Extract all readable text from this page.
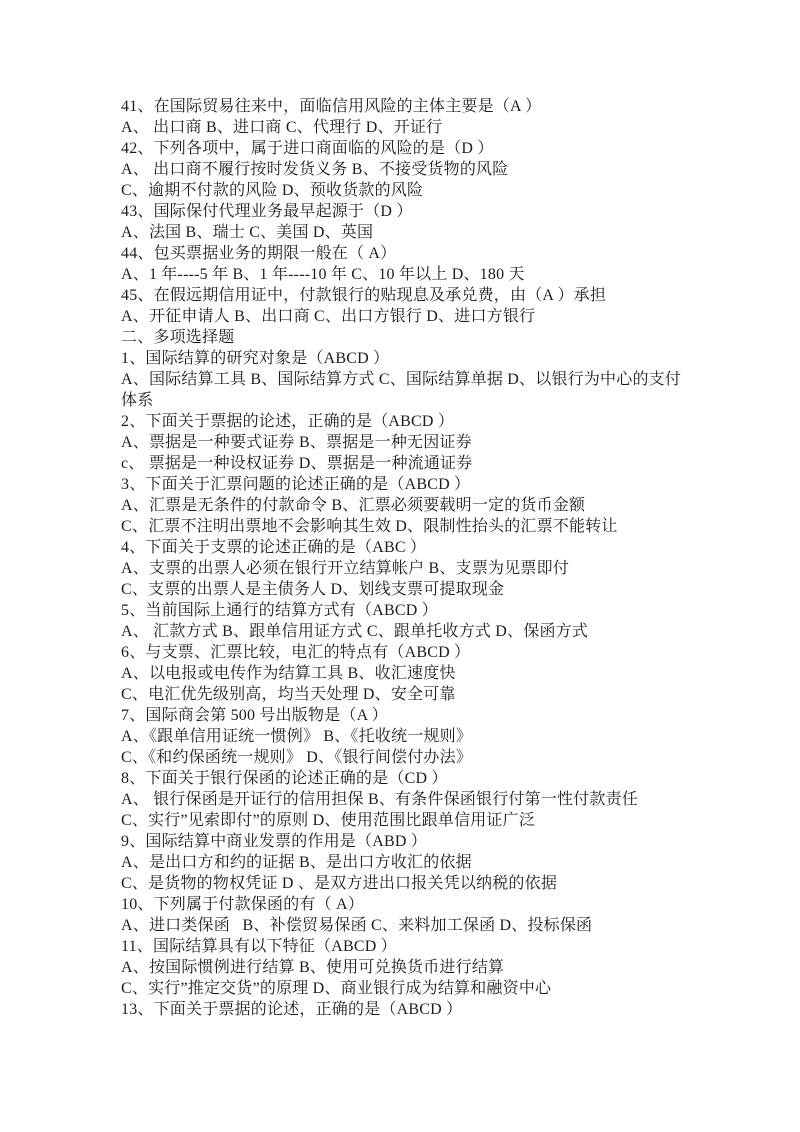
41、在国际贸易往来中，面临信用风险的主体主要是（A ）
A、 出口商 B、进口商 C、代理行 D、开证行
42、下列各项中，属于进口商面临的风险的是（D ）
A、 出口商不履行按时发货义务 B、不接受货物的风险
C、逾期不付款的风险 D、预收货款的风险
43、国际保付代理业务最早起源于（D ）
A、法国 B、瑞士 C、美国 D、英国
44、包买票据业务的期限一般在（ A）
A、1 年----5 年 B、1 年----10 年 C、10 年以上 D、180 天
45、在假远期信用证中，付款银行的贴现息及承兑费，由（A ）承担
A、开征申请人 B、出口商 C、出口方银行 D、进口方银行
二、多项选择题
1、国际结算的研究对象是（ABCD ）
A、国际结算工具 B、国际结算方式 C、国际结算单据 D、以银行为中心的支付
体系
2、下面关于票据的论述，正确的是（ABCD ）
A、票据是一种要式证券 B、票据是一种无因证券
c、 票据是一种设权证券 D、票据是一种流通证券
3、下面关于汇票问题的论述正确的是（ABCD ）
A、汇票是无条件的付款命令 B、汇票必须要载明一定的货币金额
C、汇票不注明出票地不会影响其生效 D、限制性抬头的汇票不能转让
4、下面关于支票的论述正确的是（ABC ）
A、支票的出票人必须在银行开立结算帐户 B、支票为见票即付
C、支票的出票人是主债务人 D、划线支票可提取现金
5、当前国际上通行的结算方式有（ABCD ）
A、 汇款方式 B、跟单信用证方式 C、跟单托收方式 D、保函方式
6、与支票、汇票比较，电汇的特点有（ABCD ）
A、以电报或电传作为结算工具 B、收汇速度快
C、电汇优先级别高，均当天处理 D、安全可靠
7、国际商会第 500 号出版物是（A ）
A、《跟单信用证统一惯例》 B、《托收统一规则》
C、《和约保函统一规则》 D、《银行间偿付办法》
8、下面关于银行保函的论述正确的是（CD ）
A、 银行保函是开证行的信用担保 B、有条件保函银行付第一性付款责任
C、实行”见索即付”的原则 D、使用范围比跟单信用证广泛
9、国际结算中商业发票的作用是（ABD ）
A、是出口方和约的证据 B、是出口方收汇的依据
C、是货物的物权凭证 D 、是双方进出口报关凭以纳税的依据
10、下列属于付款保函的有（ A）
A、进口类保函   B、补偿贸易保函 C、来料加工保函 D、投标保函
11、国际结算具有以下特征（ABCD ）
A、按国际惯例进行结算 B、使用可兑换货币进行结算
C、实行”推定交货”的原理 D、商业银行成为结算和融资中心
13、下面关于票据的论述，正确的是（ABCD ）
